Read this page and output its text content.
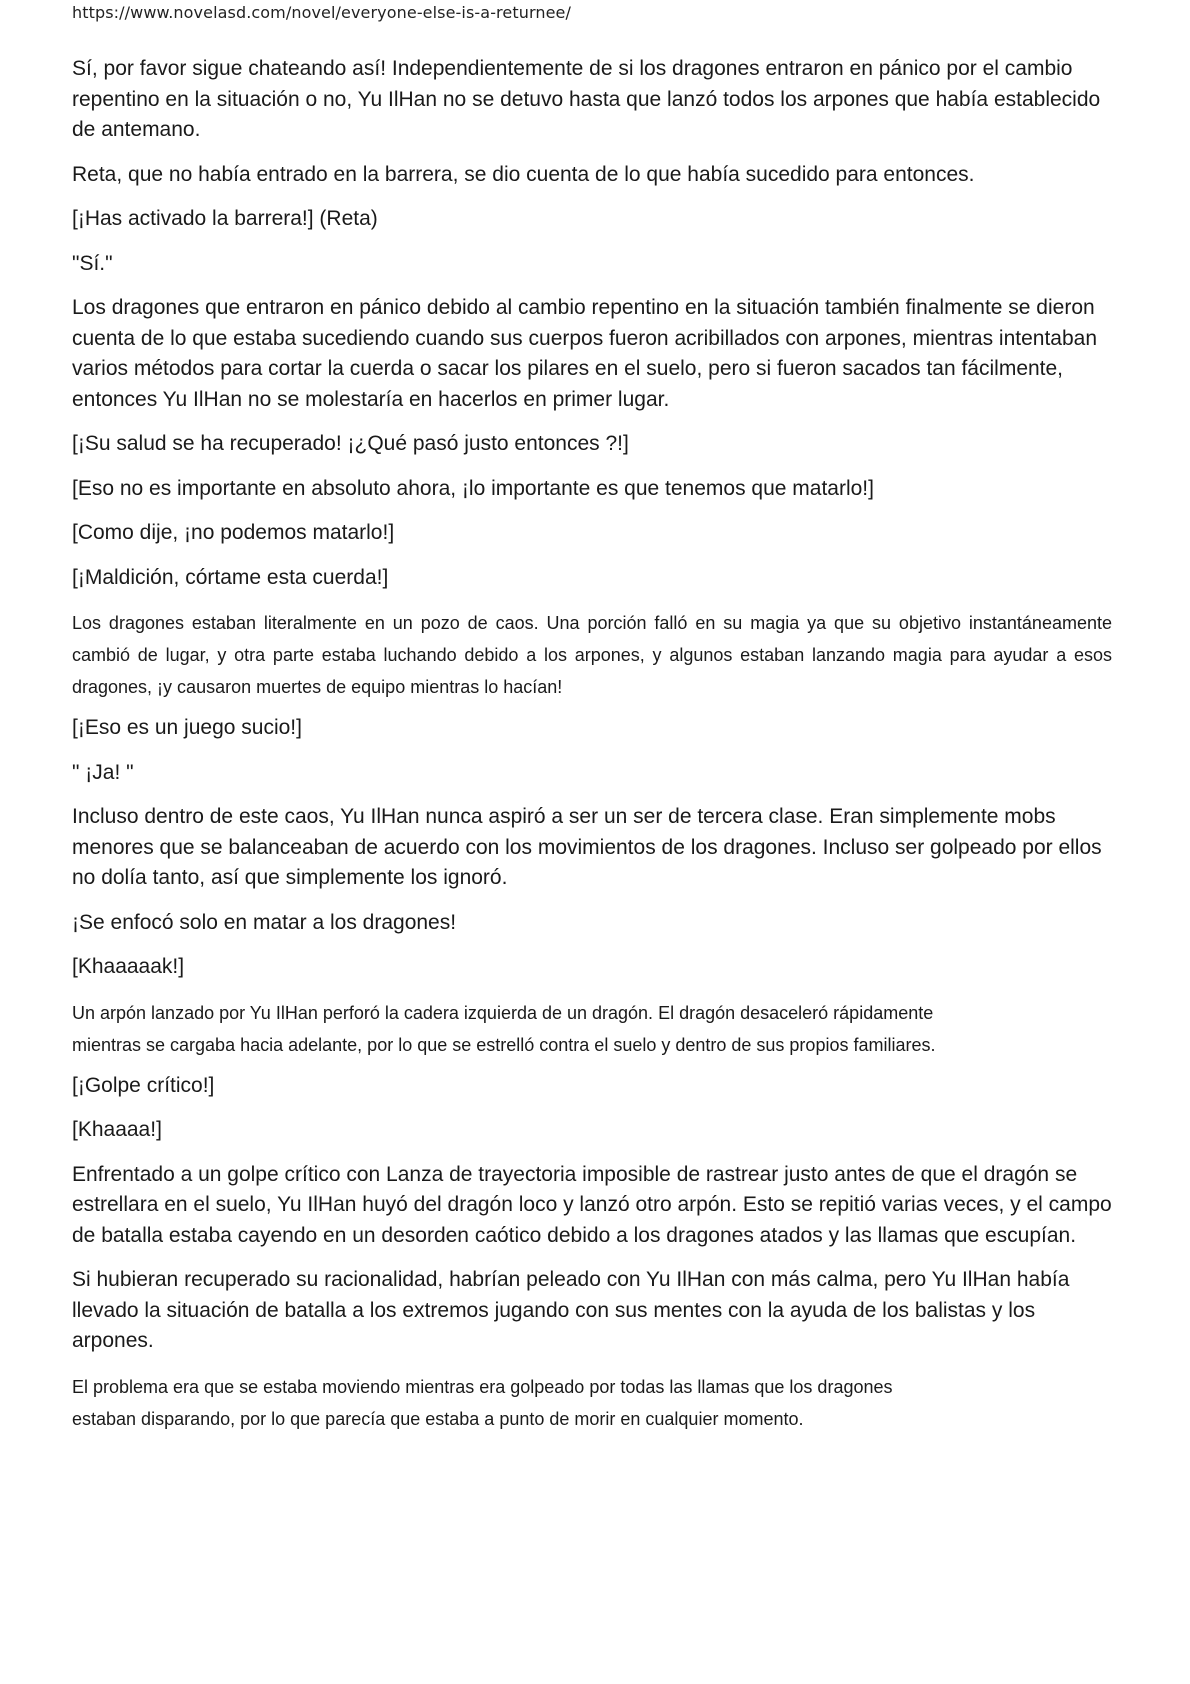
https://www.novelasd.com/novel/everyone-else-is-a-returnee/

Sí, por favor sigue chateando así! Independientemente de si los dragones entraron en pánico por el cambio repentino en la situación o no, Yu IlHan no se detuvo hasta que lanzó todos los arpones que había establecido de antemano.

Reta, que no había entrado en la barrera, se dio cuenta de lo que había sucedido para entonces.

[¡Has activado la barrera!] (Reta)

"Sí."

Los dragones que entraron en pánico debido al cambio repentino en la situación también finalmente se dieron cuenta de lo que estaba sucediendo cuando sus cuerpos fueron acribillados con arpones, mientras intentaban varios métodos para cortar la cuerda o sacar los pilares en el suelo, pero si fueron sacados tan fácilmente, entonces Yu IlHan no se molestaría en hacerlos en primer lugar.

[¡Su salud se ha recuperado! ¡¿Qué pasó justo entonces ?!]

[Eso no es importante en absoluto ahora, ¡lo importante es que tenemos que matarlo!]

[Como dije, ¡no podemos matarlo!]

[¡Maldición, córtame esta cuerda!]

Los dragones estaban literalmente en un pozo de caos. Una porción falló en su magia ya que su objetivo instantáneamente cambió de lugar, y otra parte estaba luchando debido a los arpones, y algunos estaban lanzando magia para ayudar a esos dragones, ¡y causaron muertes de equipo mientras lo hacían!

[¡Eso es un juego sucio!]

" ¡Ja! "

Incluso dentro de este caos, Yu IlHan nunca aspiró a ser un ser de tercera clase. Eran simplemente mobs menores que se balanceaban de acuerdo con los movimientos de los dragones. Incluso ser golpeado por ellos no dolía tanto, así que simplemente los ignoró.

¡Se enfocó solo en matar a los dragones!

[Khaaaaak!]

Un arpón lanzado por Yu IlHan perforó la cadera izquierda de un dragón. El dragón desaceleró rápidamente
mientras se cargaba hacia adelante, por lo que se estrelló contra el suelo y dentro de sus propios familiares.

[¡Golpe crítico!]

[Khaaaa!]

Enfrentado a un golpe crítico con Lanza de trayectoria imposible de rastrear justo antes de que el dragón se estrellara en el suelo, Yu IlHan huyó del dragón loco y lanzó otro arpón. Esto se repitió varias veces, y el campo de batalla estaba cayendo en un desorden caótico debido a los dragones atados y las llamas que escupían.

Si hubieran recuperado su racionalidad, habrían peleado con Yu IlHan con más calma, pero Yu IlHan había llevado la situación de batalla a los extremos jugando con sus mentes con la ayuda de los balistas y los arpones.

El problema era que se estaba moviendo mientras era golpeado por todas las llamas que los dragones
estaban disparando, por lo que parecía que estaba a punto de morir en cualquier momento.
